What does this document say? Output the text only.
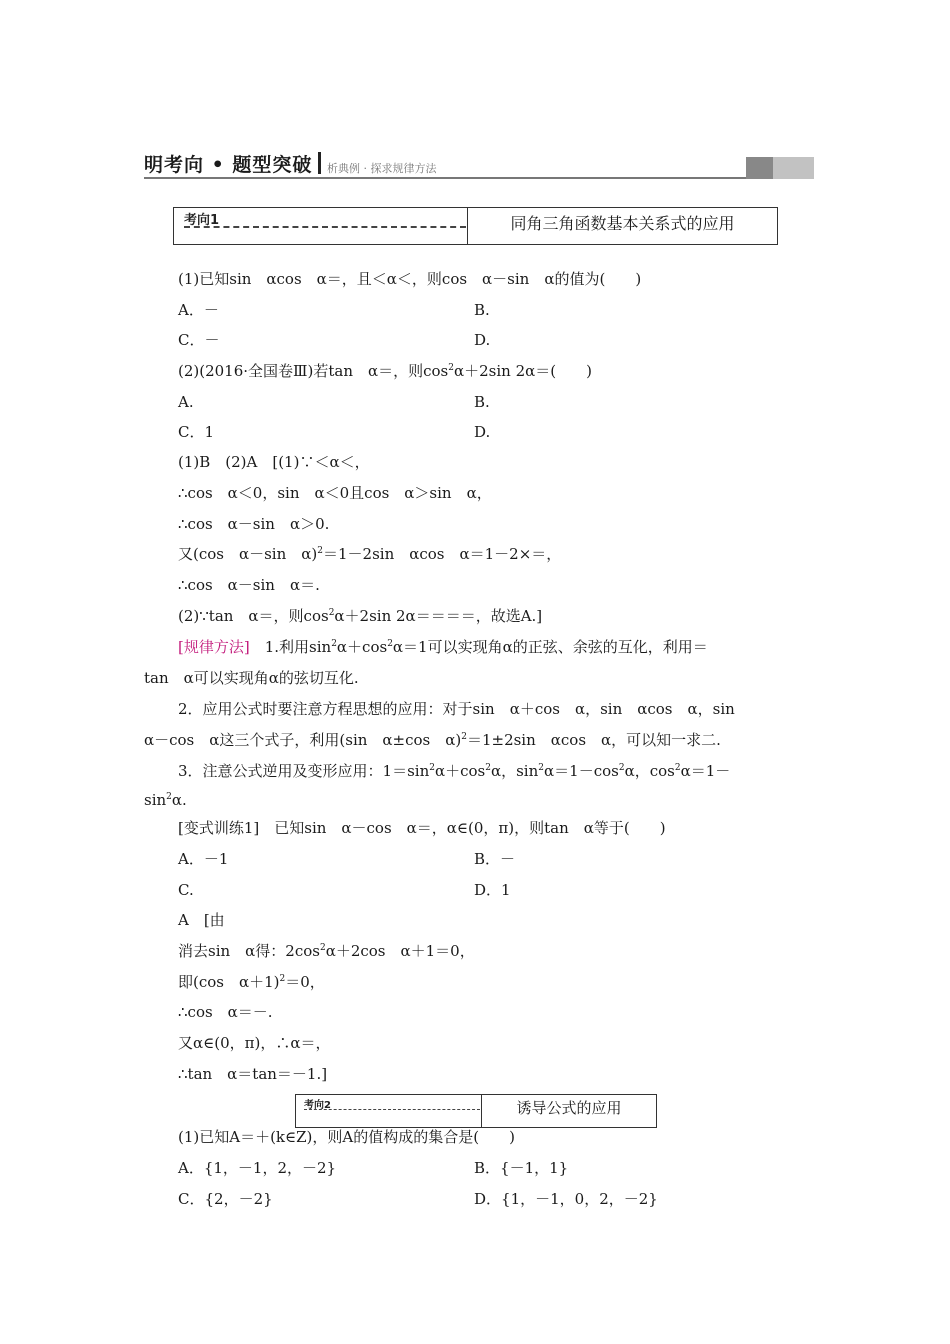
明考向 • 题型突破 析典例 · 探求规律方法
考向1	同角三角函数基本关系式的应用
(1)已知sin　αcos　α＝，且＜α＜，则cos　α－sin　α的值为(　　)
A．－	B.
C．－	D.
(2)(2016·全国卷Ⅲ)若tan　α＝，则$\cos^2\alpha+2\sin$ 2α＝(　　)
A.	B.
C．1	D.
(1)B　(2)A　[(1)∵＜α＜，
∴cos　α＜0，sin　α＜0且cos　α＞sin　α，
∴cos　α－sin　α＞0.
又(cos　α－sin　α)$^2$＝1－2sin　αcos　α＝1－2×＝，
∴cos　α－sin　α＝.
(2)∵tan　α＝，则$\cos^2\alpha+2\sin$ 2α＝＝＝＝，故选A.]
[规律方法]　1.利用$\sin^2\alpha+\cos^2\alpha=1$可以实现角α的正弦、余弦的互化，利用＝
tan　α可以实现角α的弦切互化.
2．应用公式时要注意方程思想的应用：对于sin　α＋cos　α，sin　αcos　α，sin
α－cos　α这三个式子，利用(sin　α±cos　α)$^2$＝1±2sin　αcos　α，可以知一求二.
3．注意公式逆用及变形应用：$1=\sin^2\alpha+\cos^2\alpha$，$\sin^2\alpha=1-\cos^2\alpha$，$\cos^2\alpha=1-$
$\sin^2\alpha$.
[变式训练1]　已知sin　α－cos　α＝，α∈(0，π)，则tan　α等于(　　)
A．－1	B．－
C.	D．1
A　[由
消去sin　α得：$2\cos^2\alpha+2\cos$　α＋1＝0，
即(cos　α＋1)$^2$＝0，
∴cos　α＝－.
又α∈(0，π)，∴α＝，
∴tan　α＝tan＝－1.]
考向2	诱导公式的应用
(1)已知A＝＋(k∈Z)，则A的值构成的集合是(　　)
A．{1，－1，2，－2}	B．{－1，1}
C．{2，－2}	D．{1，－1，0，2，－2}
